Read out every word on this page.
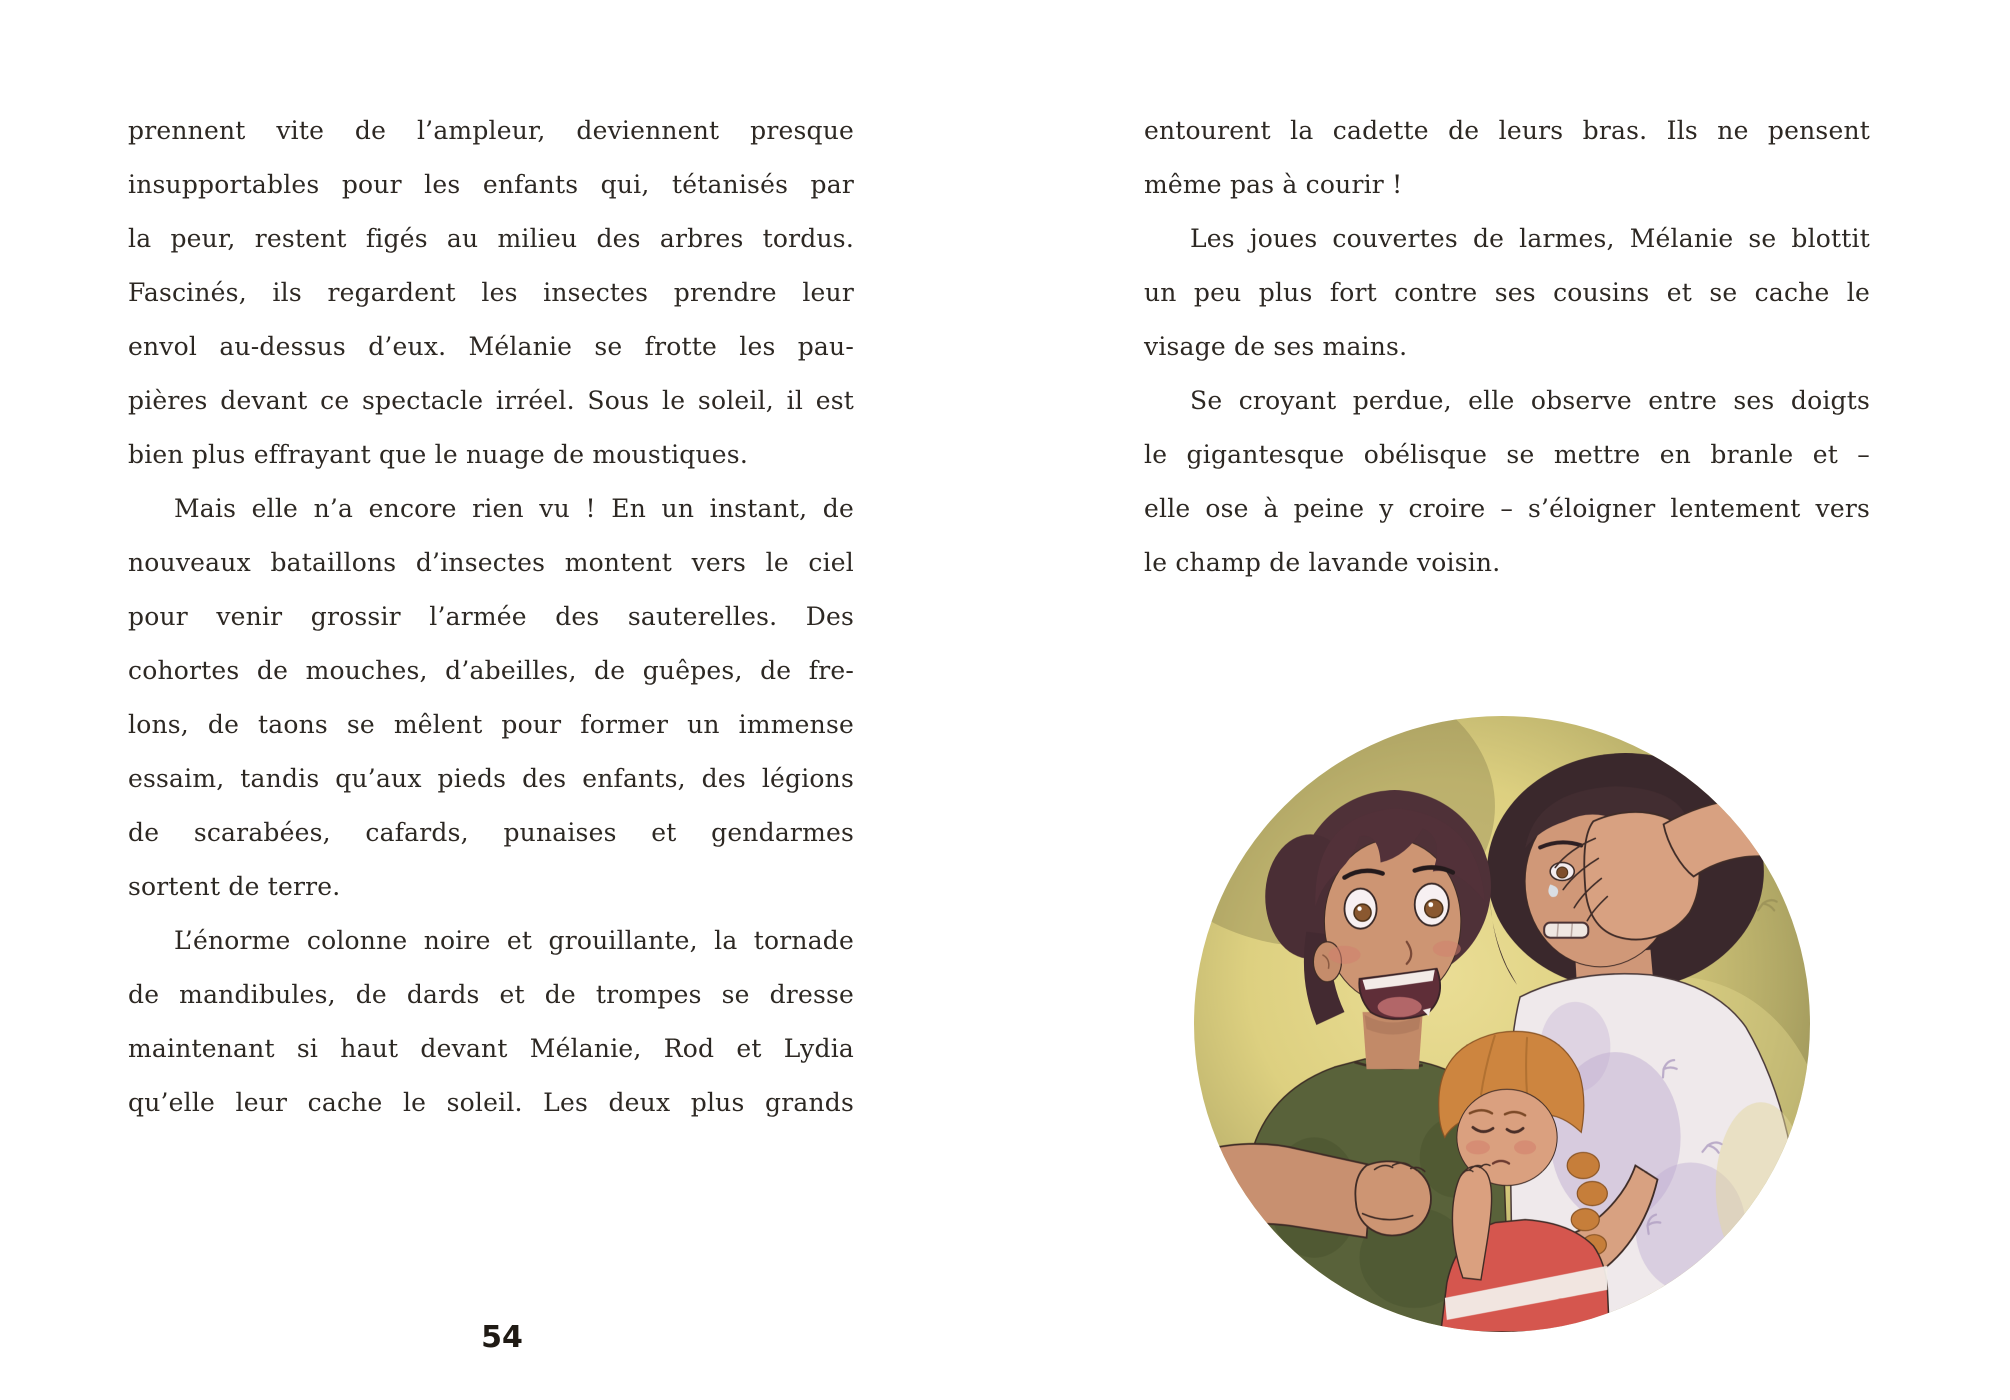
prennent vite de l’ampleur, deviennent presque
insupportables pour les enfants qui, tétanisés par
la peur, restent figés au milieu des arbres tordus.
Fascinés, ils regardent les insectes prendre leur
envol au-dessus d’eux. Mélanie se frotte les pau-
pières devant ce spectacle irréel. Sous le soleil, il est
bien plus effrayant que le nuage de moustiques.
Mais elle n’a encore rien vu ! En un instant, de
nouveaux bataillons d’insectes montent vers le ciel
pour venir grossir l’armée des sauterelles. Des
cohortes de mouches, d’abeilles, de guêpes, de fre-
lons, de taons se mêlent pour former un immense
essaim, tandis qu’aux pieds des enfants, des légions
de scarabées, cafards, punaises et gendarmes
sortent de terre.
L’énorme colonne noire et grouillante, la tornade
de mandibules, de dards et de trompes se dresse
maintenant si haut devant Mélanie, Rod et Lydia
qu’elle leur cache le soleil. Les deux plus grands
entourent la cadette de leurs bras. Ils ne pensent
même pas à courir !
Les joues couvertes de larmes, Mélanie se blottit
un peu plus fort contre ses cousins et se cache le
visage de ses mains.
Se croyant perdue, elle observe entre ses doigts
le gigantesque obélisque se mettre en branle et –
elle ose à peine y croire – s’éloigner lentement vers
le champ de lavande voisin.
54
